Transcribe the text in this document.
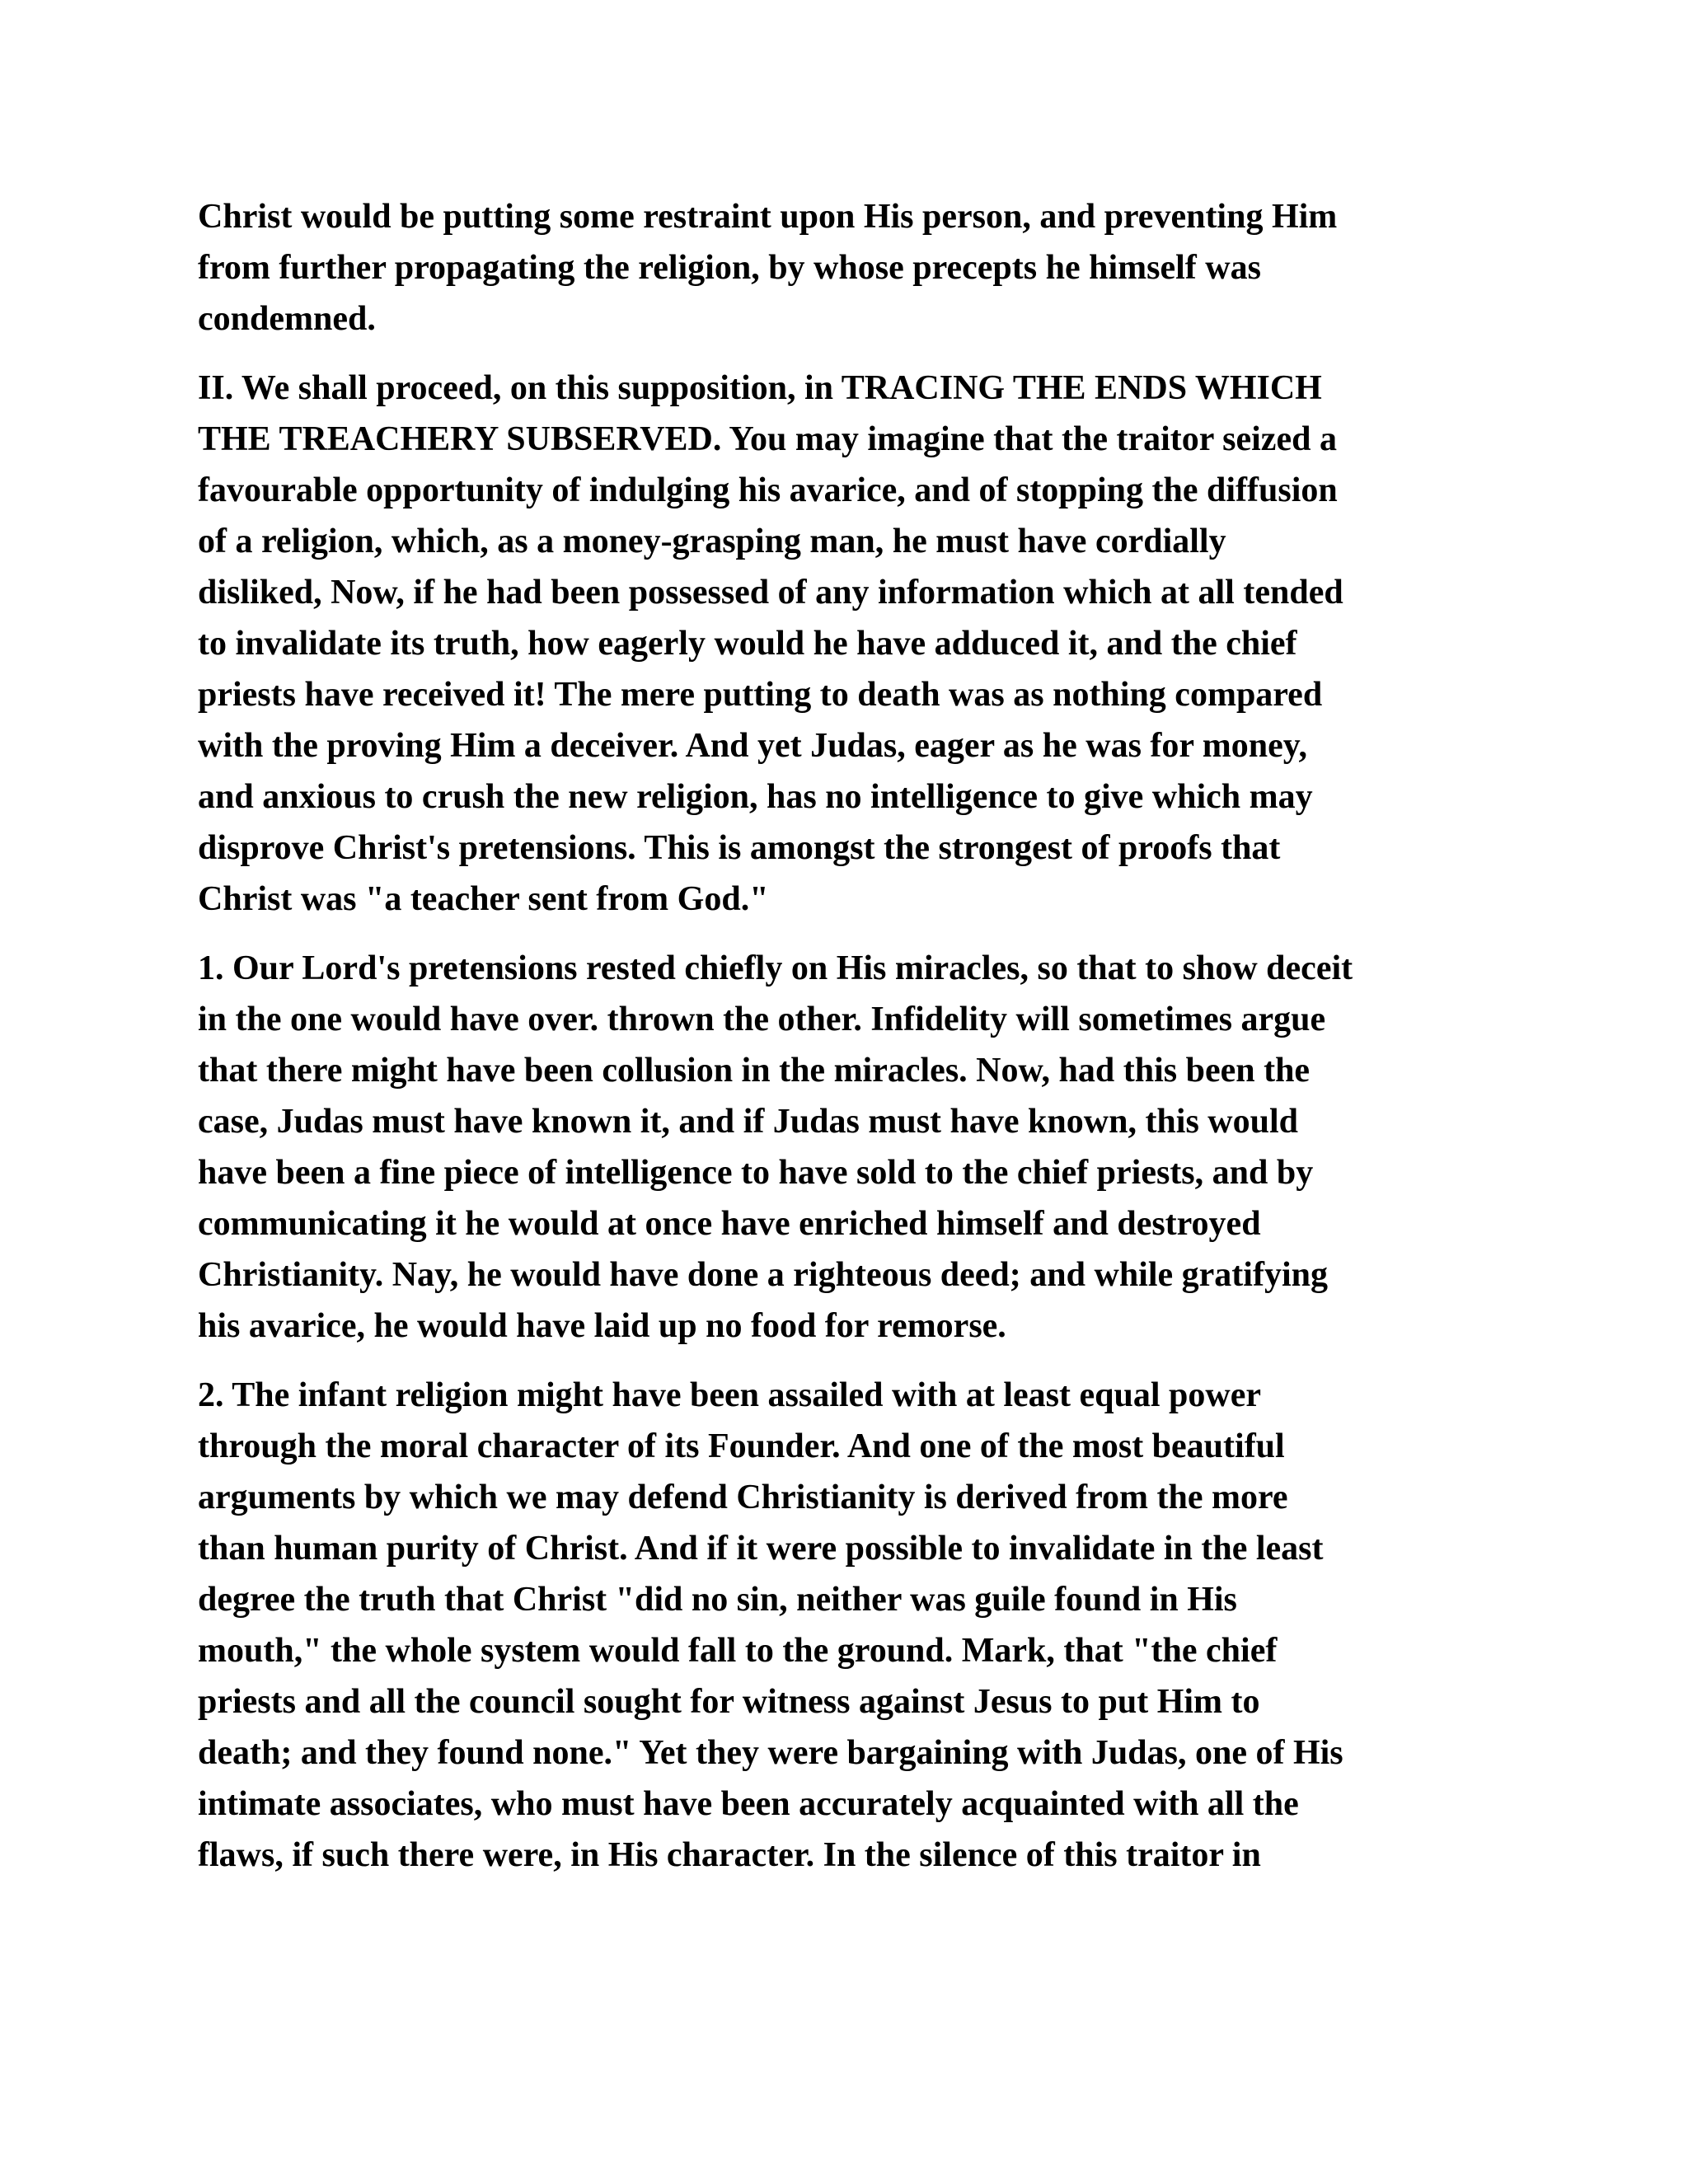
Christ would be putting some restraint upon His person, and preventing Him
from further propagating the religion, by whose precepts he himself was
condemned.

II. We shall proceed, on this supposition, in TRACING THE ENDS WHICH
THE TREACHERY SUBSERVED. You may imagine that the traitor seized a
favourable opportunity of indulging his avarice, and of stopping the diffusion
of a religion, which, as a money-grasping man, he must have cordially
disliked, Now, if he had been possessed of any information which at all tended
to invalidate its truth, how eagerly would he have adduced it, and the chief
priests have received it! The mere putting to death was as nothing compared
with the proving Him a deceiver. And yet Judas, eager as he was for money,
and anxious to crush the new religion, has no intelligence to give which may
disprove Christ's pretensions. This is amongst the strongest of proofs that
Christ was "a teacher sent from God."

1. Our Lord's pretensions rested chiefly on His miracles, so that to show deceit
in the one would have over. thrown the other. Infidelity will sometimes argue
that there might have been collusion in the miracles. Now, had this been the
case, Judas must have known it, and if Judas must have known, this would
have been a fine piece of intelligence to have sold to the chief priests, and by
communicating it he would at once have enriched himself and destroyed
Christianity. Nay, he would have done a righteous deed; and while gratifying
his avarice, he would have laid up no food for remorse.

2. The infant religion might have been assailed with at least equal power
through the moral character of its Founder. And one of the most beautiful
arguments by which we may defend Christianity is derived from the more
than human purity of Christ. And if it were possible to invalidate in the least
degree the truth that Christ "did no sin, neither was guile found in His
mouth," the whole system would fall to the ground. Mark, that "the chief
priests and all the council sought for witness against Jesus to put Him to
death; and they found none." Yet they were bargaining with Judas, one of His
intimate associates, who must have been accurately acquainted with all the
flaws, if such there were, in His character. In the silence of this traitor in
